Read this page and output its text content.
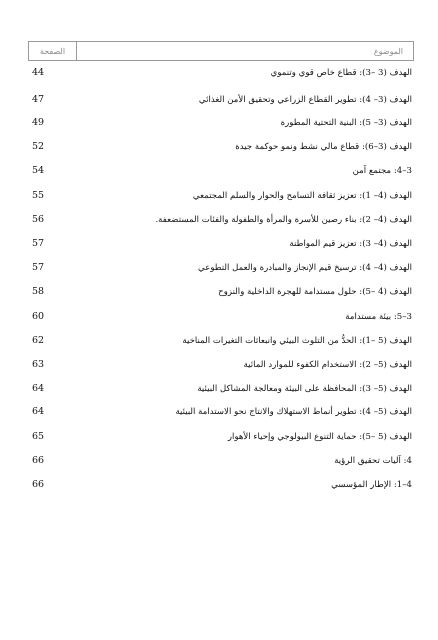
الموضوع
الصفحة
الهدف (3 –3): قطاع خاص قوي وتنموي
44
الهدف (3– 4): تطوير القطاع الزراعي وتحقيق الأمن الغذائي
47
الهدف (3– 5): البنية التحتية المطورة
49
الهدف (3–6): قطاع مالي نشط ونمو حوكمة جيدة
52
3–4: مجتمع آمن
54
الهدف (4– 1): تعزيز ثقافة التسامح والحوار والسلم المجتمعي
55
الهدف (4– 2): بناء رصين للأسرة والمرأة والطفولة والفئات المستضعفة.
56
الهدف (4– 3): تعزيز قيم المواطنة
57
الهدف (4– 4): ترسيخ قيم الإنجاز والمبادرة والعمل التطوعي
57
الهدف (4 –5): حلول مستدامة للهجرة الداخلية والنزوح
58
3–5: بيئة مستدامة
60
الهدف (5 –1): الحدُّ من التلوث البيئي وانبعاثات التغيرات المناخية
62
الهدف (5– 2): الاستخدام الكفوء للموارد المائية
63
الهدف (5– 3): المحافظة على البيئة ومعالجة المشاكل البيئية
64
الهدف (5– 4): تطوير أنماط الاستهلاك والانتاج نحو الاستدامة البيئية
64
الهدف (5 –5): حماية التنوع البيولوجي وإحياء الأهوار
65
4: آليات تحقيق الرؤية
66
4–1: الإطار المؤسسي
66
